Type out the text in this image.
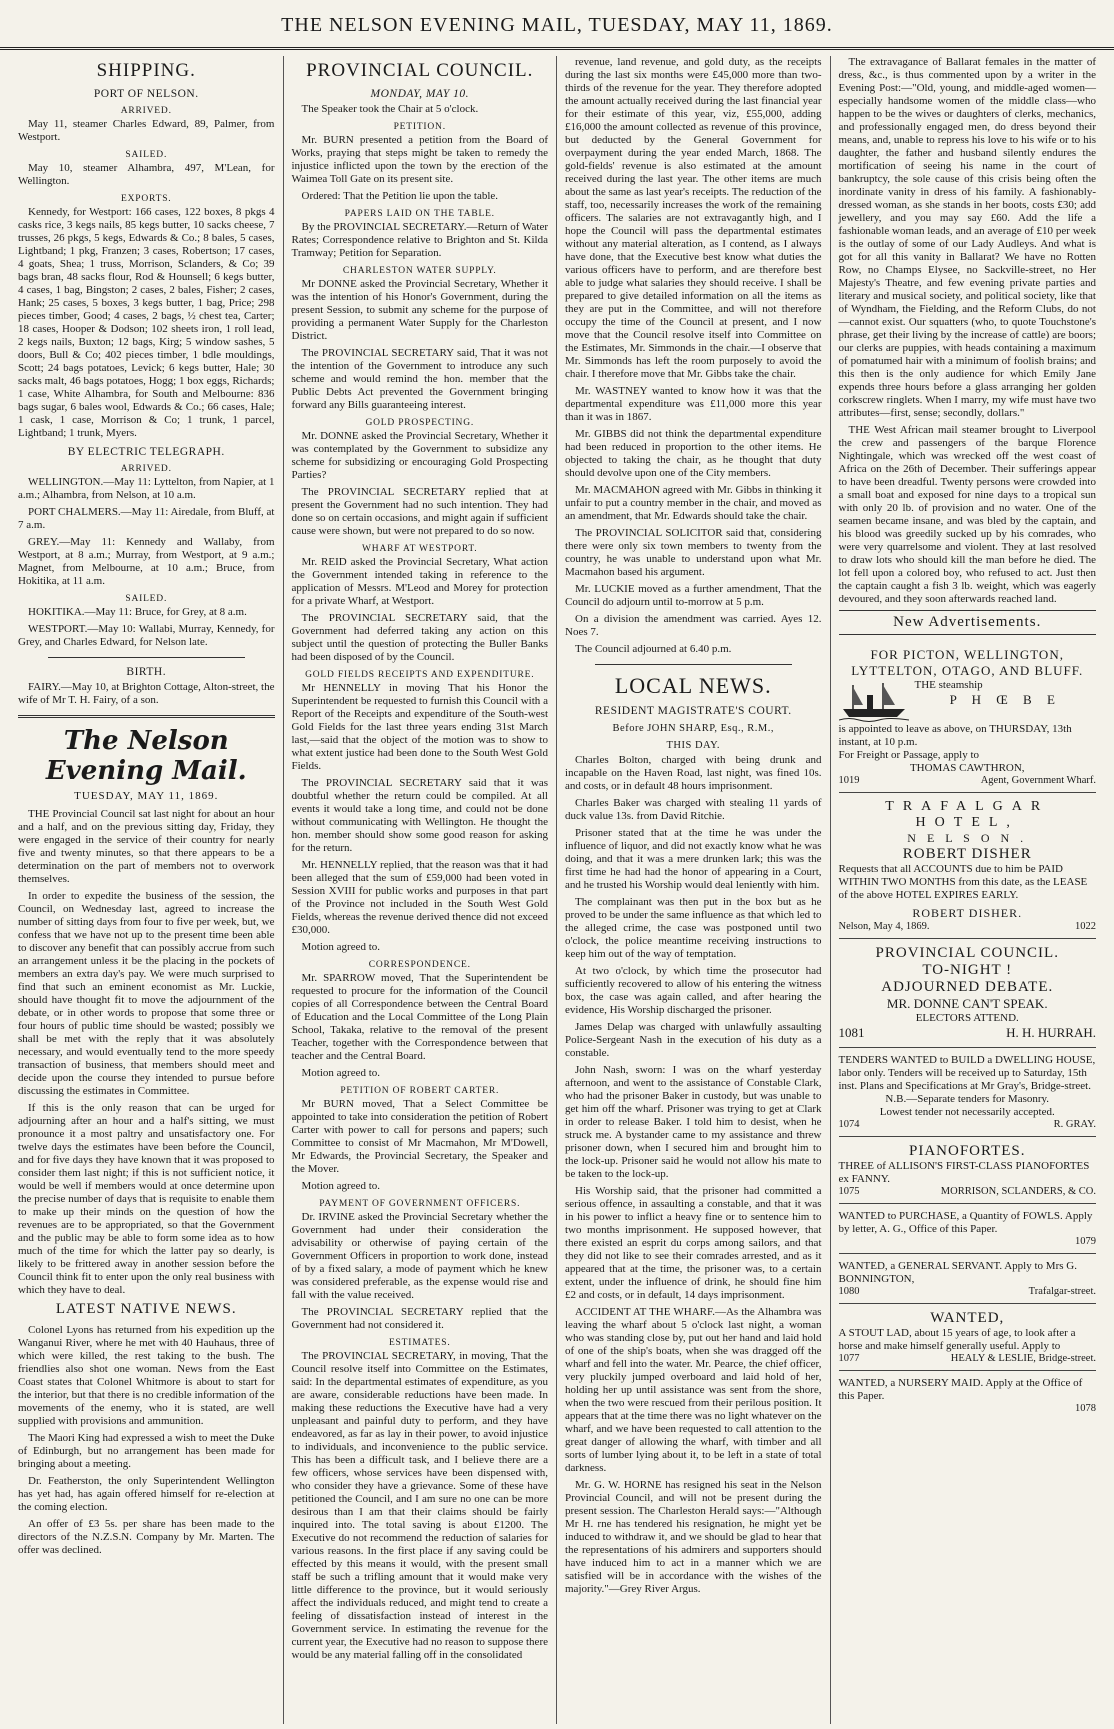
THE NELSON EVENING MAIL, TUESDAY, MAY 11, 1869.
SHIPPING.
PORT OF NELSON.
ARRIVED.

May 11, steamer Charles Edward, 89, Palmer, from Westport.

SAILED.

May 10, steamer Alhambra, 497, M'Lean, for Wellington.

EXPORTS.

Kennedy, for Westport: 166 cases, 122 boxes, 8 pkgs 4 casks rice, 3 kegs nails, 85 kegs butter, 10 sacks cheese, 7 trusses, 26 pkgs, 5 kegs, Edwards & Co.; 8 bales, 5 cases, Lightband; 1 pkg, Franzen; 3 cases, Robertson; 17 cases, 4 goats, Shea; 1 truss, Morrison, Sclanders, & Co; 39 bags bran, 48 sacks flour, Rod & Hounsell; 6 kegs butter, 4 cases, 1 bag, Bingston; 2 cases, 2 bales, Fisher; 2 cases, Hank; 25 cases, 5 boxes, 3 kegs butter, 1 bag, Price; 298 pieces timber, Good; 4 cases, 2 bags, ½ chest tea, Carter; 18 cases, Hooper & Dodson; 102 sheets iron, 1 roll lead, 2 kegs nails, Buxton; 12 bags, Kirg; 5 window sashes, 5 doors, Bull & Co; 402 pieces timber, 1 bdle mouldings, Scott; 24 bags potatoes, Levick; 6 kegs butter, Hale; 30 sacks malt, 46 bags potatoes, Hogg; 1 box eggs, Richards; 1 case, White Alhambra, for South and Melbourne: 836 bags sugar, 6 bales wool, Edwards & Co.; 66 cases, Hale; 1 cask, 1 case, Morrison & Co; 1 trunk, 1 parcel, Lightband; 1 trunk, Myers.

BY ELECTRIC TELEGRAPH.
ARRIVED.

WELLINGTON.—May 11: Lyttelton, from Napier, at 1 a.m.; Alhambra, from Nelson, at 10 a.m.

PORT CHALMERS.—May 11: Airedale, from Bluff, at 7 a.m.

GREY.—May 11: Kennedy and Wallaby, from Westport, at 8 a.m.; Murray, from Westport, at 9 a.m.; Magnet, from Melbourne, at 10 a.m.; Bruce, from Hokitika, at 11 a.m.

SAILED.

HOKITIKA.—May 11: Bruce, for Grey, at 8 a.m.

WESTPORT.—May 10: Wallabi, Murray, Kennedy, for Grey, and Charles Edward, for Nelson late.

BIRTH.

FAIRY.—May 10, at Brighton Cottage, Alton-street, the wife of Mr T. H. Fairy, of a son.

The Nelson Evening Mail.
TUESDAY, MAY 11, 1869.

THE Provincial Council sat last night for about an hour and a half, and on the previous sitting day, Friday, they were engaged in the service of their country for nearly five and twenty minutes, so that there appears to be a determination on the part of members not to overwork themselves.

In order to expedite the business of the session, the Council, on Wednesday last, agreed to increase the number of sitting days from four to five per week, but, we confess that we have not up to the present time been able to discover any benefit that can possibly accrue from such an arrangement unless it be the placing in the pockets of members an extra day's pay. We were much surprised to find that such an eminent economist as Mr. Luckie, should have thought fit to move the adjournment of the debate, or in other words to propose that some three or four hours of public time should be wasted; possibly we shall be met with the reply that it was absolutely necessary, and would eventually tend to the more speedy transaction of business, that members should meet and decide upon the course they intended to pursue before discussing the estimates in Committee.

If this is the only reason that can be urged for adjourning after an hour and a half's sitting, we must pronounce it a most paltry and unsatisfactory one. For twelve days the estimates have been before the Council, and for five days they have known that it was proposed to consider them last night; if this is not sufficient notice, it would be well if members would at once determine upon the precise number of days that is requisite to enable them to make up their minds on the question of how the revenues are to be appropriated, so that the Government and the public may be able to form some idea as to how much of the time for which the latter pay so dearly, is likely to be frittered away in another session before the Council think fit to enter upon the only real business with which they have to deal.

LATEST NATIVE NEWS.

Colonel Lyons has returned from his expedition up the Wanganui River, where he met with 40 Hauhaus, three of which were killed, the rest taking to the bush. The friendlies also shot one woman. News from the East Coast states that Colonel Whitmore is about to start for the interior, but that there is no credible information of the movements of the enemy, who it is stated, are well supplied with provisions and ammunition.

The Maori King had expressed a wish to meet the Duke of Edinburgh, but no arrangement has been made for bringing about a meeting.

Dr. Featherston, the only Superintendent Wellington has yet had, has again offered himself for re-election at the coming election.

An offer of £3 5s. per share has been made to the directors of the N.Z.S.N. Company by Mr. Marten. The offer was declined.

PROVINCIAL COUNCIL.
MONDAY, MAY 10.

The Speaker took the Chair at 5 o'clock.

PETITION.

Mr. BURN presented a petition from the Board of Works, praying that steps might be taken to remedy the injustice inflicted upon the town by the erection of the Waimea Toll Gate on its present site.

Ordered: That the Petition lie upon the table.

PAPERS LAID ON THE TABLE.

By the PROVINCIAL SECRETARY.—Return of Water Rates; Correspondence relative to Brighton and St. Kilda Tramway; Petition for Separation.

CHARLESTON WATER SUPPLY.

Mr DONNE asked the Provincial Secretary, Whether it was the intention of his Honor's Government, during the present Session, to submit any scheme for the purpose of providing a permanent Water Supply for the Charleston District.

The PROVINCIAL SECRETARY said, That it was not the intention of the Government to introduce any such scheme and would remind the hon. member that the Public Debts Act prevented the Government bringing forward any Bills guaranteeing interest.

GOLD PROSPECTING.

Mr. DONNE asked the Provincial Secretary, Whether it was contemplated by the Government to subsidize any scheme for subsidizing or encouraging Gold Prospecting Parties?

The PROVINCIAL SECRETARY replied that at present the Government had no such intention. They had done so on certain occasions, and might again if sufficient cause were shown, but were not prepared to do so now.

WHARF AT WESTPORT.

Mr. REID asked the Provincial Secretary, What action the Government intended taking in reference to the application of Messrs. M'Leod and Morey for protection for a private Wharf, at Westport.

The PROVINCIAL SECRETARY said, that the Government had deferred taking any action on this subject until the question of protecting the Buller Banks had been disposed of by the Council.

GOLD FIELDS RECEIPTS AND EXPENDITURE.

Mr HENNELLY in moving That his Honor the Superintendent be requested to furnish this Council with a Report of the Receipts and expenditure of the South-west Gold Fields for the last three years ending 31st March last,—said that the object of the motion was to show to what extent justice had been done to the South West Gold Fields.

The PROVINCIAL SECRETARY said that it was doubtful whether the return could be compiled. At all events it would take a long time, and could not be done without communicating with Wellington. He thought the hon. member should show some good reason for asking for the return.

Mr. HENNELLY replied, that the reason was that it had been alleged that the sum of £59,000 had been voted in Session XVIII for public works and purposes in that part of the Province not included in the South West Gold Fields, whereas the revenue derived thence did not exceed £30,000.

Motion agreed to.

CORRESPONDENCE.

Mr. SPARROW moved, That the Superintendent be requested to procure for the information of the Council copies of all Correspondence between the Central Board of Education and the Local Committee of the Long Plain School, Takaka, relative to the removal of the present Teacher, together with the Correspondence between that teacher and the Central Board.

Motion agreed to.

PETITION OF ROBERT CARTER.

Mr BURN moved, That a Select Committee be appointed to take into consideration the petition of Robert Carter with power to call for persons and papers; such Committee to consist of Mr Macmahon, Mr M'Dowell, Mr Edwards, the Provincial Secretary, the Speaker and the Mover.

Motion agreed to.

PAYMENT OF GOVERNMENT OFFICERS.

Dr. IRVINE asked the Provincial Secretary whether the Government had under their consideration the advisability or otherwise of paying certain of the Government Officers in proportion to work done, instead of by a fixed salary, a mode of payment which he knew was considered preferable, as the expense would rise and fall with the value received.

The PROVINCIAL SECRETARY replied that the Government had not considered it.

ESTIMATES.

The PROVINCIAL SECRETARY, in moving, That the Council resolve itself into Committee on the Estimates, said: In the departmental estimates of expenditure, as you are aware, considerable reductions have been made. In making these reductions the Executive have had a very unpleasant and painful duty to perform, and they have endeavored, as far as lay in their power, to avoid injustice to individuals, and inconvenience to the public service. This has been a difficult task, and I believe there are a few officers, whose services have been dispensed with, who consider they have a grievance. Some of these have petitioned the Council, and I am sure no one can be more desirous than I am that their claims should be fairly inquired into. The total saving is about £1200. The Executive do not recommend the reduction of salaries for various reasons. In the first place if any saving could be effected by this means it would, with the present small staff be such a trifling amount that it would make very little difference to the province, but it would seriously affect the individuals reduced, and might tend to create a feeling of dissatisfaction instead of interest in the Government service. In estimating the revenue for the current year, the Executive had no reason to suppose there would be any material falling off in the consolidated

revenue, land revenue, and gold duty, as the receipts during the last six months were £45,000 more than two-thirds of the revenue for the year. They therefore adopted the amount actually received during the last financial year for their estimate of this year, viz, £55,000, adding £16,000 the amount collected as revenue of this province, but deducted by the General Government for overpayment during the year ended March, 1868. The gold-fields' revenue is also estimated at the amount received during the last year. The other items are much about the same as last year's receipts. The reduction of the staff, too, necessarily increases the work of the remaining officers. The salaries are not extravagantly high, and I hope the Council will pass the departmental estimates without any material alteration, as I contend, as I always have done, that the Executive best know what duties the various officers have to perform, and are therefore best able to judge what salaries they should receive. I shall be prepared to give detailed information on all the items as they are put in the Committee, and will not therefore occupy the time of the Council at present, and I now move that the Council resolve itself into Committee on the Estimates, Mr. Simmonds in the chair.—I observe that Mr. Simmonds has left the room purposely to avoid the chair. I therefore move that Mr. Gibbs take the chair.

Mr. WASTNEY wanted to know how it was that the departmental expenditure was £11,000 more this year than it was in 1867.

Mr. GIBBS did not think the departmental expenditure had been reduced in proportion to the other items. He objected to taking the chair, as he thought that duty should devolve upon one of the City members.

Mr. MACMAHON agreed with Mr. Gibbs in thinking it unfair to put a country member in the chair, and moved as an amendment, that Mr. Edwards should take the chair.

The PROVINCIAL SOLICITOR said that, considering there were only six town members to twenty from the country, he was unable to understand upon what Mr. Macmahon based his argument.

Mr. LUCKIE moved as a further amendment, That the Council do adjourn until to-morrow at 5 p.m.

On a division the amendment was carried. Ayes 12. Noes 7.

The Council adjourned at 6.40 p.m.

LOCAL NEWS.
RESIDENT MAGISTRATE'S COURT.
Before JOHN SHARP, Esq., R.M.,
THIS DAY.

Charles Bolton, charged with being drunk and incapable on the Haven Road, last night, was fined 10s. and costs, or in default 48 hours imprisonment.

Charles Baker was charged with stealing 11 yards of duck value 13s. from David Ritchie.

Prisoner stated that at the time he was under the influence of liquor, and did not exactly know what he was doing, and that it was a mere drunken lark; this was the first time he had had the honor of appearing in a Court, and he trusted his Worship would deal leniently with him.

The complainant was then put in the box but as he proved to be under the same influence as that which led to the alleged crime, the case was postponed until two o'clock, the police meantime receiving instructions to keep him out of the way of temptation.

At two o'clock, by which time the prosecutor had sufficiently recovered to allow of his entering the witness box, the case was again called, and after hearing the evidence, His Worship discharged the prisoner.

James Delap was charged with unlawfully assaulting Police-Sergeant Nash in the execution of his duty as a constable.

John Nash, sworn: I was on the wharf yesterday afternoon, and went to the assistance of Constable Clark, who had the prisoner Baker in custody, but was unable to get him off the wharf. Prisoner was trying to get at Clark in order to release Baker. I told him to desist, when he struck me. A bystander came to my assistance and threw prisoner down, when I secured him and brought him to the lock-up. Prisoner said he would not allow his mate to be taken to the lock-up.

His Worship said, that the prisoner had committed a serious offence, in assaulting a constable, and that it was in his power to inflict a heavy fine or to sentence him to two months imprisonment. He supposed however, that there existed an esprit du corps among sailors, and that they did not like to see their comrades arrested, and as it appeared that at the time, the prisoner was, to a certain extent, under the influence of drink, he should fine him £2 and costs, or in default, 14 days imprisonment.

ACCIDENT AT THE WHARF.—As the Alhambra was leaving the wharf about 5 o'clock last night, a woman who was standing close by, put out her hand and laid hold of one of the ship's boats, when she was dragged off the wharf and fell into the water. Mr. Pearce, the chief officer, very pluckily jumped overboard and laid hold of her, holding her up until assistance was sent from the shore, when the two were rescued from their perilous position. It appears that at the time there was no light whatever on the wharf, and we have been requested to call attention to the great danger of allowing the wharf, with timber and all sorts of lumber lying about it, to be left in a state of total darkness.

Mr. G. W. HORNE has resigned his seat in the Nelson Provincial Council, and will not be present during the present session. The Charleston Herald says:—"Although Mr H. rne has tendered his resignation, he might yet be induced to withdraw it, and we should be glad to hear that the representations of his admirers and supporters should have induced him to act in a manner which we are satisfied will be in accordance with the wishes of the majority."—Grey River Argus.

The extravagance of Ballarat females in the matter of dress, &c., is thus commented upon by a writer in the Evening Post:—"Old, young, and middle-aged women—especially handsome women of the middle class—who happen to be the wives or daughters of clerks, mechanics, and professionally engaged men, do dress beyond their means, and, unable to repress his love to his wife or to his daughter, the father and husband silently endures the mortification of seeing his name in the court of bankruptcy, the sole cause of this crisis being often the inordinate vanity in dress of his family. A fashionably-dressed woman, as she stands in her boots, costs £30; add jewellery, and you may say £60. Add the life a fashionable woman leads, and an average of £10 per week is the outlay of some of our Lady Audleys. And what is got for all this vanity in Ballarat? We have no Rotten Row, no Champs Elysee, no Sackville-street, no Her Majesty's Theatre, and few evening private parties and literary and musical society, and political society, like that of Wyndham, the Fielding, and the Reform Clubs, do not—cannot exist. Our squatters (who, to quote Touchstone's phrase, get their living by the increase of cattle) are boors; our clerks are puppies, with heads containing a maximum of pomatumed hair with a minimum of foolish brains; and this then is the only audience for which Emily Jane expends three hours before a glass arranging her golden corkscrew ringlets. When I marry, my wife must have two attributes—first, sense; secondly, dollars."

THE West African mail steamer brought to Liverpool the crew and passengers of the barque Florence Nightingale, which was wrecked off the west coast of Africa on the 26th of December. Their sufferings appear to have been dreadful. Twenty persons were crowded into a small boat and exposed for nine days to a tropical sun with only 20 lb. of provision and no water. One of the seamen became insane, and was bled by the captain, and his blood was greedily sucked up by his comrades, who were very quarrelsome and violent. They at last resolved to draw lots who should kill the man before he died. The lot fell upon a colored boy, who refused to act. Just then the captain caught a fish 3 lb. weight, which was eagerly devoured, and they soon afterwards reached land.

New Advertisements.
FOR PICTON, WELLINGTON,
LYTTELTON, OTAGO, AND BLUFF.
THE steamship
P H Œ B E
is appointed to leave as above, on THURSDAY, 13th instant, at 10 p.m.
For Freight or Passage, apply to
THOMAS CAWTHRON,
1019	Agent, Government Wharf.
TRAFALGAR HOTEL,
N E L S O N .
ROBERT DISHER
Requests that all ACCOUNTS due to him be PAID WITHIN TWO MONTHS from this date, as the LEASE of the above HOTEL EXPIRES EARLY.
ROBERT DISHER.
Nelson, May 4, 1869.	1022
PROVINCIAL COUNCIL.
TO-NIGHT !
ADJOURNED DEBATE.
MR. DONNE CAN'T SPEAK.
ELECTORS ATTEND.
1081	H. H. HURRAH.
TENDERS WANTED to BUILD a DWELLING HOUSE, labor only. Tenders will be received up to Saturday, 15th inst. Plans and Specifications at Mr Gray's, Bridge-street.
N.B.—Separate tenders for Masonry.
Lowest tender not necessarily accepted.
1074	R. GRAY.
PIANOFORTES.
THREE of ALLISON'S FIRST-CLASS PIANOFORTES ex FANNY.
1075	MORRISON, SCLANDERS, & CO.
WANTED to PURCHASE, a Quantity of FOWLS. Apply by letter, A. G., Office of this Paper.
1079
WANTED, a GENERAL SERVANT. Apply to Mrs G. BONNINGTON,
1080	Trafalgar-street.
WANTED,
A STOUT LAD, about 15 years of age, to look after a horse and make himself generally useful. Apply to
1077	HEALY & LESLIE, Bridge-street.
WANTED, a NURSERY MAID. Apply at the Office of this Paper.
1078
